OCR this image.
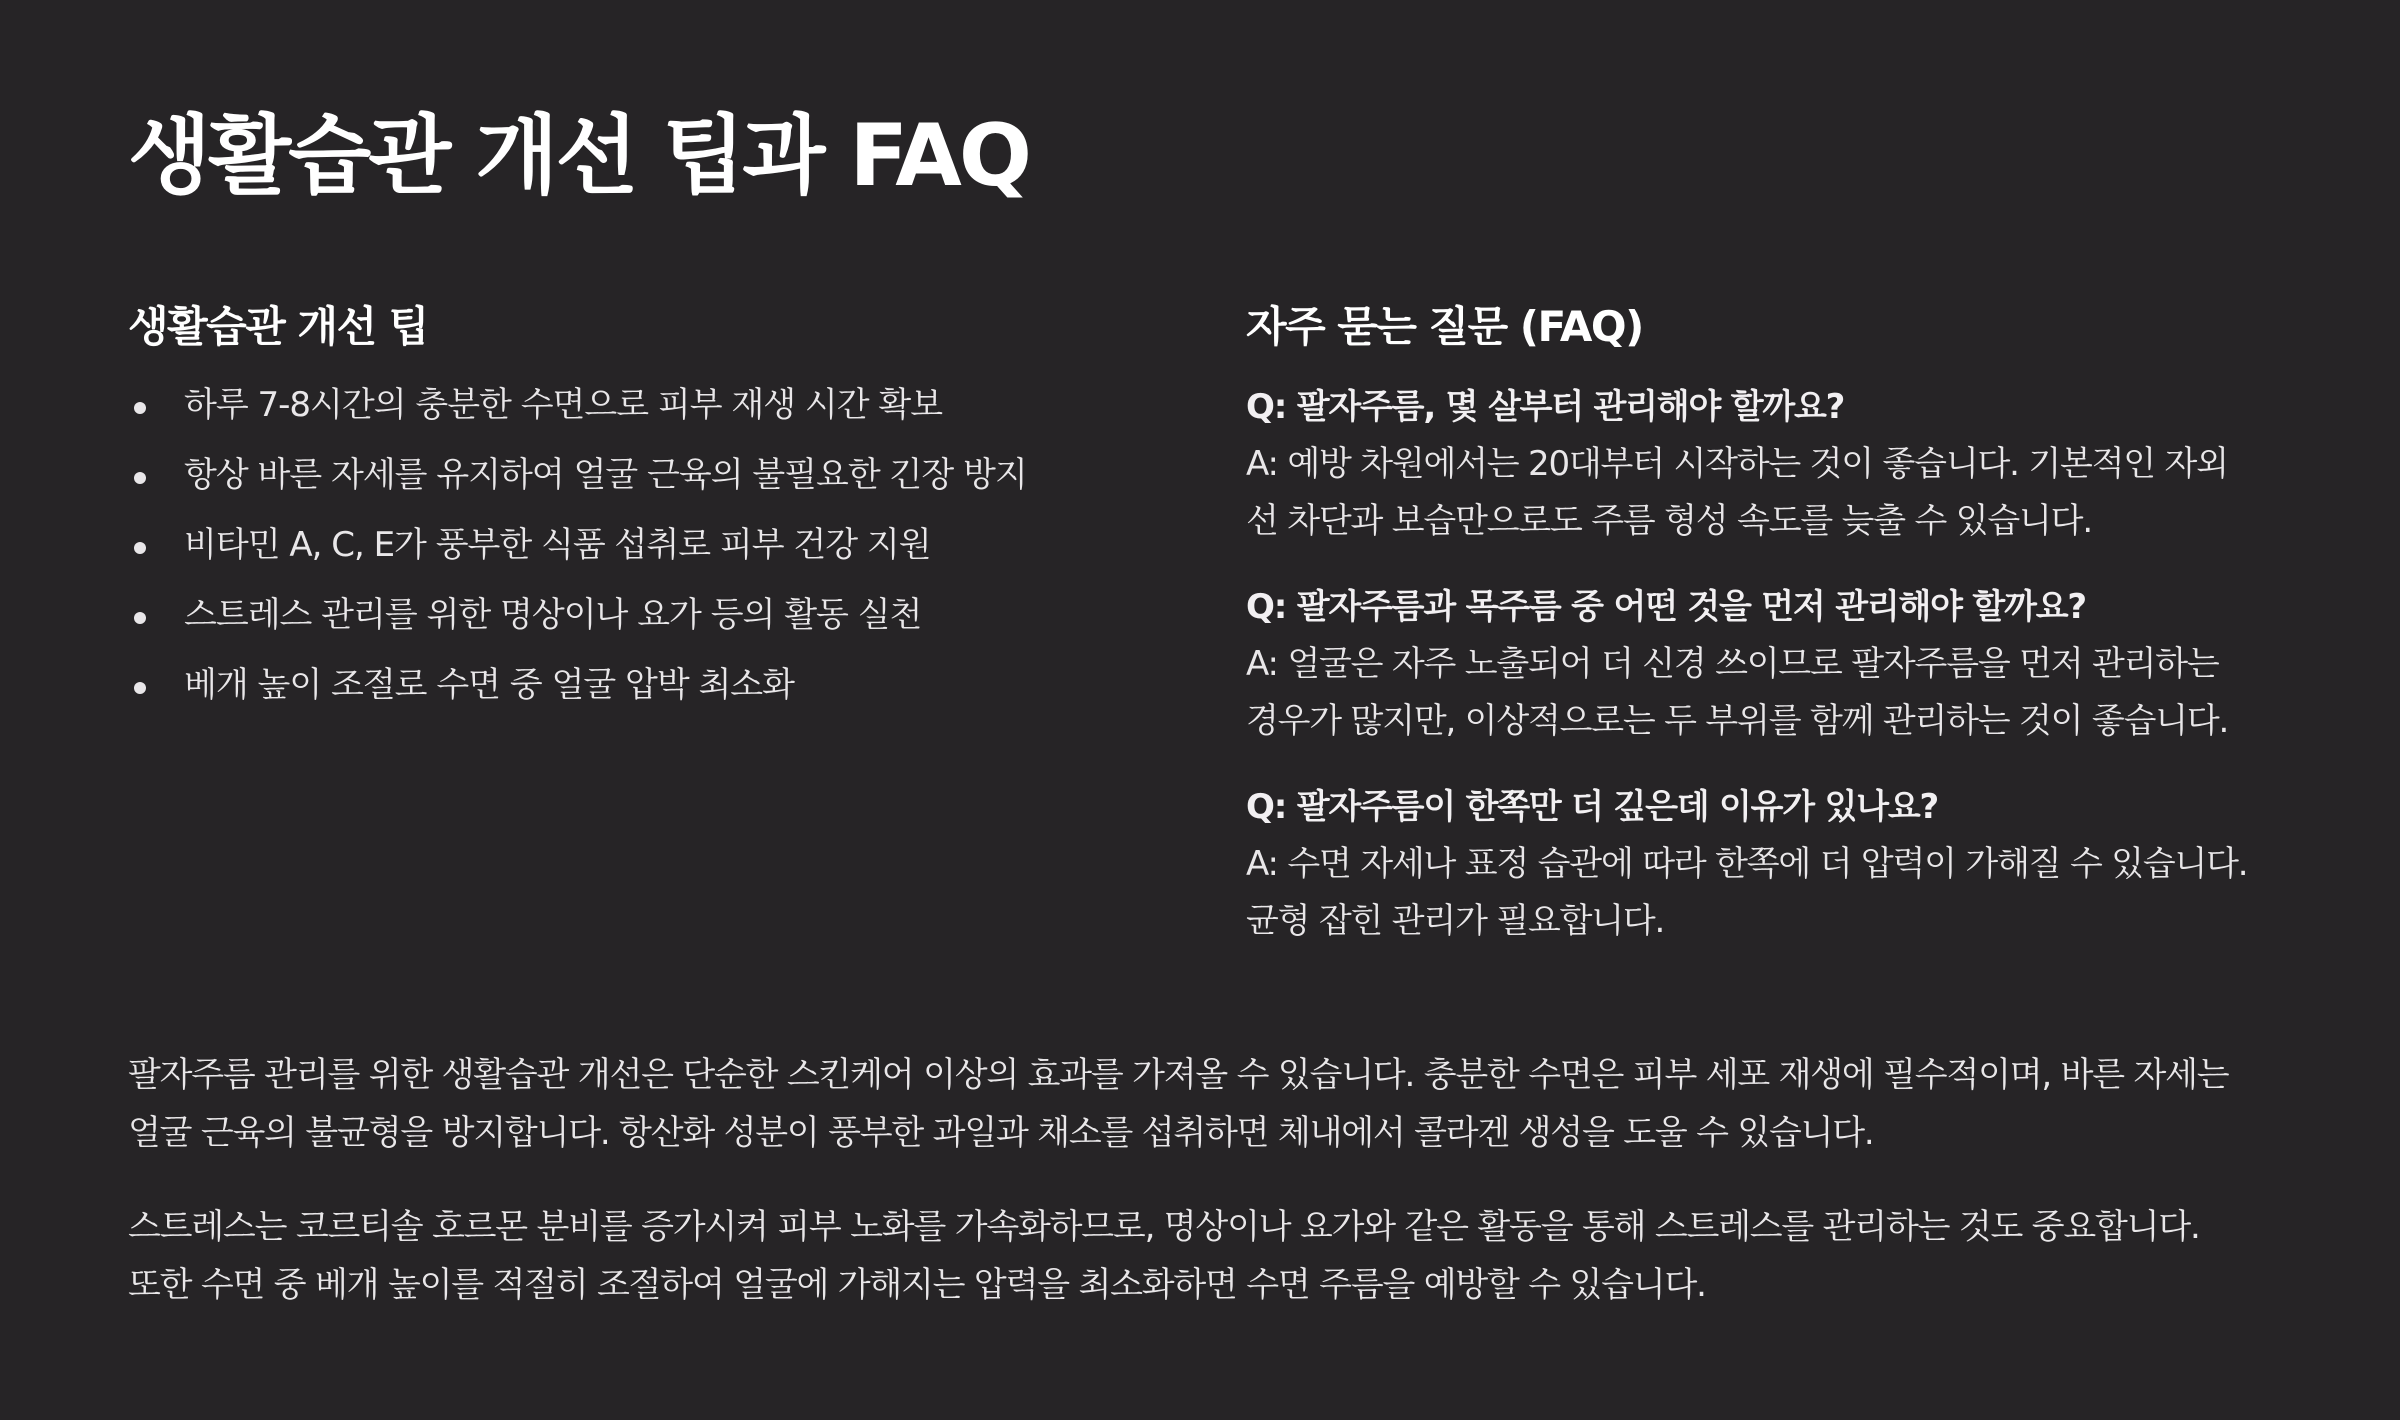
생활습관 개선 팁과 FAQ
생활습관 개선 팁
하루 7-8시간의 충분한 수면으로 피부 재생 시간 확보
항상 바른 자세를 유지하여 얼굴 근육의 불필요한 긴장 방지
비타민 A, C, E가 풍부한 식품 섭취로 피부 건강 지원
스트레스 관리를 위한 명상이나 요가 등의 활동 실천
베개 높이 조절로 수면 중 얼굴 압박 최소화
자주 묻는 질문 (FAQ)
Q: 팔자주름, 몇 살부터 관리해야 할까요?
A: 예방 차원에서는 20대부터 시작하는 것이 좋습니다. 기본적인 자외
선 차단과 보습만으로도 주름 형성 속도를 늦출 수 있습니다.
Q: 팔자주름과 목주름 중 어떤 것을 먼저 관리해야 할까요?
A: 얼굴은 자주 노출되어 더 신경 쓰이므로 팔자주름을 먼저 관리하는
경우가 많지만, 이상적으로는 두 부위를 함께 관리하는 것이 좋습니다.
Q: 팔자주름이 한쪽만 더 깊은데 이유가 있나요?
A: 수면 자세나 표정 습관에 따라 한쪽에 더 압력이 가해질 수 있습니다.
균형 잡힌 관리가 필요합니다.

팔자주름 관리를 위한 생활습관 개선은 단순한 스킨케어 이상의 효과를 가져올 수 있습니다. 충분한 수면은 피부 세포 재생에 필수적이며, 바른 자세는
얼굴 근육의 불균형을 방지합니다. 항산화 성분이 풍부한 과일과 채소를 섭취하면 체내에서 콜라겐 생성을 도울 수 있습니다.

스트레스는 코르티솔 호르몬 분비를 증가시켜 피부 노화를 가속화하므로, 명상이나 요가와 같은 활동을 통해 스트레스를 관리하는 것도 중요합니다.
또한 수면 중 베개 높이를 적절히 조절하여 얼굴에 가해지는 압력을 최소화하면 수면 주름을 예방할 수 있습니다.
